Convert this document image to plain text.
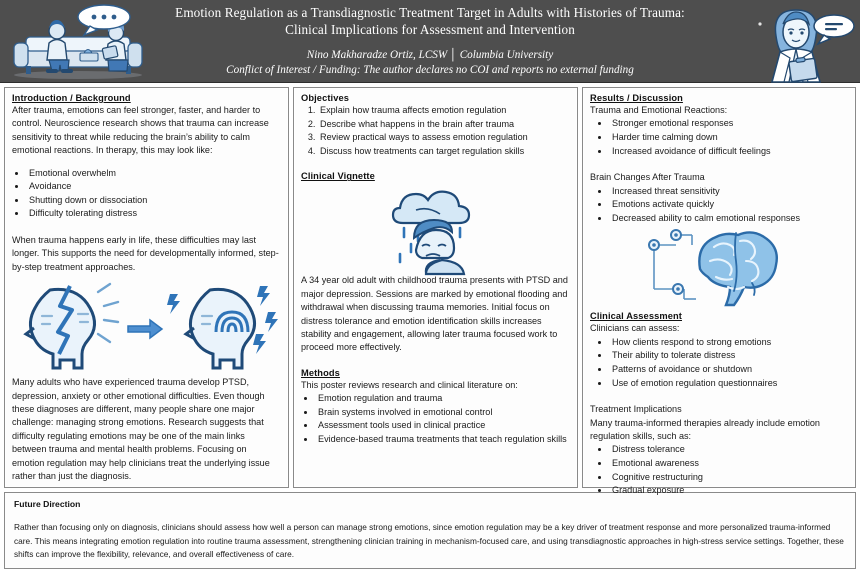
Emotion Regulation as a Transdiagnostic Treatment Target in Adults with Histories of Trauma:
Clinical Implications for Assessment and Intervention
Nino Makharadze Ortiz, LCSW │ Columbia University
Conflict of Interest / Funding: The author declares no COI and reports no external funding
Introduction / Background

After trauma, emotions can feel stronger, faster, and harder to control. Neuroscience research shows that trauma can increase sensitivity to threat while reducing the brain’s ability to calm emotional reactions. In therapy, this may look like:

• Emotional overwhelm
• Avoidance
• Shutting down or dissociation
• Difficulty tolerating distress

When trauma happens early in life, these difficulties may last longer. This supports the need for developmentally informed, step-by-step treatment approaches.

Many adults who have experienced trauma develop PTSD, depression, anxiety or other emotional difficulties. Even though these diagnoses are different, many people share one major challenge: managing strong emotions. Research suggests that difficulty regulating emotions may be one of the main links between trauma and mental health problems. Focusing on emotion regulation may help clinicians treat the underlying issue rather than just the diagnosis.

Objectives
1. Explain how trauma affects emotion regulation
2. Describe what happens in the brain after trauma
3. Review practical ways to assess emotion regulation
4. Discuss how treatments can target regulation skills
Clinical Vignette

A 34 year old adult with childhood trauma presents with PTSD and major depression. Sessions are marked by emotional flooding and withdrawal when discussing trauma memories. Initial focus on distress tolerance and emotion identification skills increases stability and engagement, allowing later trauma focused work to proceed more effectively.

Methods

This poster reviews research and clinical literature on:

• Emotion regulation and trauma
• Brain systems involved in emotional control
• Assessment tools used in clinical practice
• Evidence-based trauma treatments that teach regulation skills
Results / Discussion

Trauma and Emotional Reactions:

• Stronger emotional responses
• Harder time calming down
• Increased avoidance of difficult feelings

Brain Changes After Trauma

• Increased threat sensitivity
• Emotions activate quickly
• Decreased ability to calm emotional responses
Clinical Assessment

Clinicians can assess:

• How clients respond to strong emotions
• Their ability to tolerate distress
• Patterns of avoidance or shutdown
• Use of emotion regulation questionnaires

Treatment Implications

Many trauma-informed therapies already include emotion regulation skills, such as:

• Distress tolerance
• Emotional awareness
• Cognitive restructuring
• Gradual exposure
Future Direction
Rather than focusing only on diagnosis, clinicians should assess how well a person can manage strong emotions, since emotion regulation may be a key driver of treatment response and more personalized trauma-informed care. This means integrating emotion regulation into routine trauma assessment, strengthening clinician training in mechanism-focused care, and using transdiagnostic approaches in high-stress service settings. Together, these shifts can improve the flexibility, relevance, and overall effectiveness of care.
